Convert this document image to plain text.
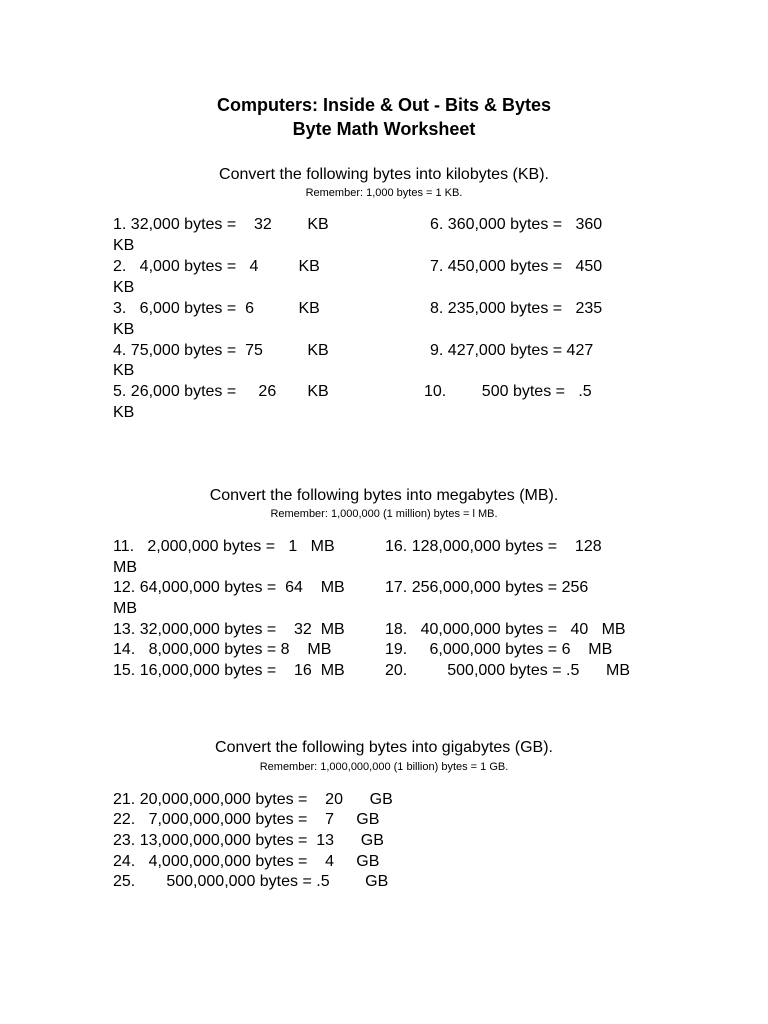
Computers: Inside & Out - Bits & Bytes
Byte Math Worksheet
Convert the following bytes into kilobytes (KB).
Remember: 1,000 bytes = 1 KB.
1. 32,000 bytes =    32        KB	6. 360,000 bytes =   360
KB
2.   4,000 bytes =   4         KB	7. 450,000 bytes =   450
KB
3.   6,000 bytes =  6          KB	8. 235,000 bytes =   235
KB
4. 75,000 bytes =  75          KB	9. 427,000 bytes = 427
KB
5. 26,000 bytes =     26       KB	10.        500 bytes =   .5
KB
Convert the following bytes into megabytes (MB).
Remember: 1,000,000 (1 million) bytes = l MB.
11.   2,000,000 bytes =   1   MB	16. 128,000,000 bytes =    128
MB
12. 64,000,000 bytes =  64    MB	17. 256,000,000 bytes = 256
MB
13. 32,000,000 bytes =    32  MB	18.   40,000,000 bytes =   40   MB
14.   8,000,000 bytes = 8    MB	19.     6,000,000 bytes = 6    MB
15. 16,000,000 bytes =    16  MB	20.         500,000 bytes = .5      MB
Convert the following bytes into gigabytes (GB).
Remember: 1,000,000,000 (1 billion) bytes = 1 GB.
21. 20,000,000,000 bytes =    20      GB
22.   7,000,000,000 bytes =    7     GB
23. 13,000,000,000 bytes =  13      GB
24.   4,000,000,000 bytes =    4     GB
25.       500,000,000 bytes = .5        GB
